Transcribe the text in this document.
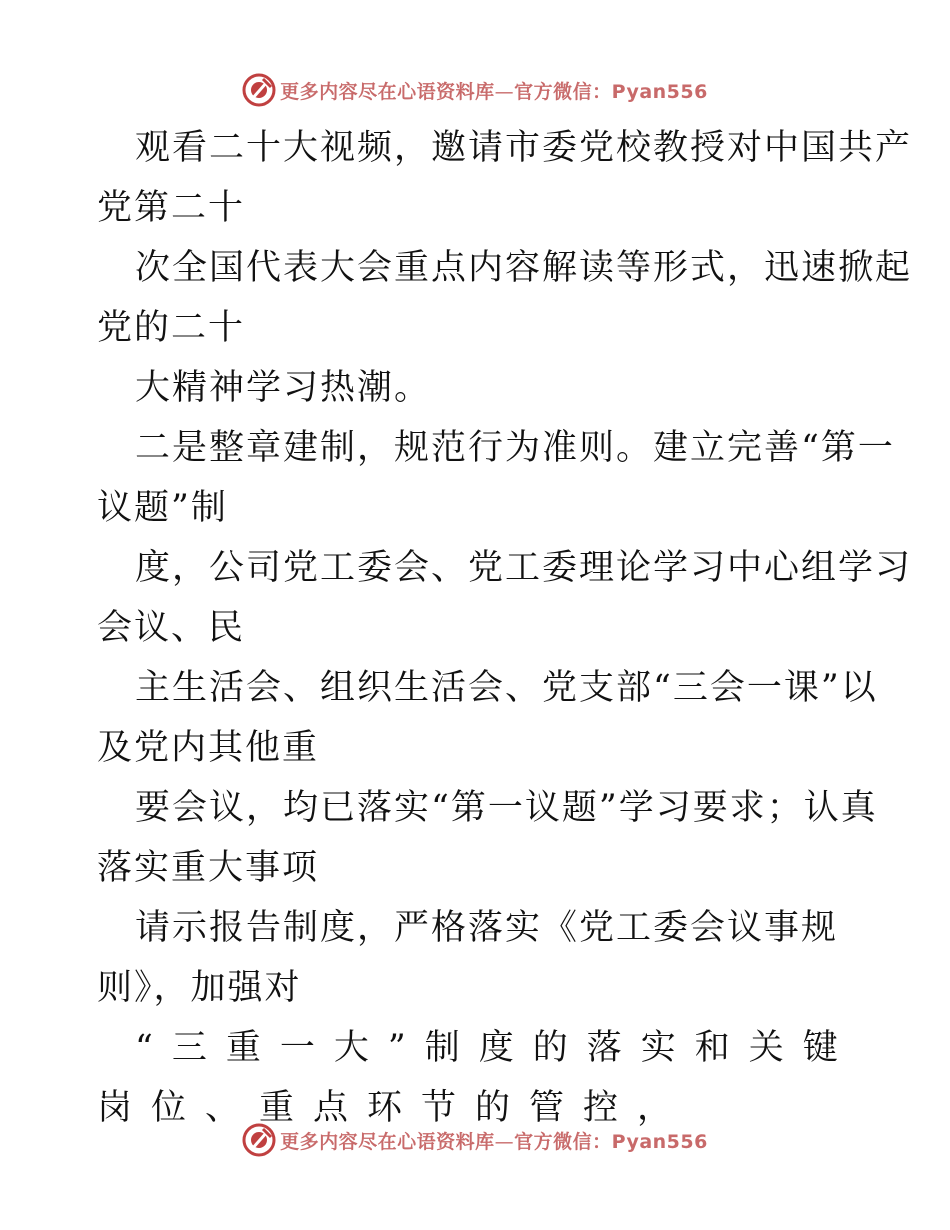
更多内容尽在心语资料库—官方微信：Pyan556
观看二十大视频，邀请市委党校教授对中国共产
党第二十
次全国代表大会重点内容解读等形式，迅速掀起
党的二十
大精神学习热潮。
二是整章建制，规范行为准则。建立完善“第一
议题”制
度，公司党工委会、党工委理论学习中心组学习
会议、民
主生活会、组织生活会、党支部“三会一课”以
及党内其他重
要会议，均已落实“第一议题”学习要求；认真
落实重大事项
请示报告制度，严格落实《党工委会议事规
则》，加强对
“三重一大”制度的落实和关键
岗位、重点环节的管控，
更多内容尽在心语资料库—官方微信：Pyan556
